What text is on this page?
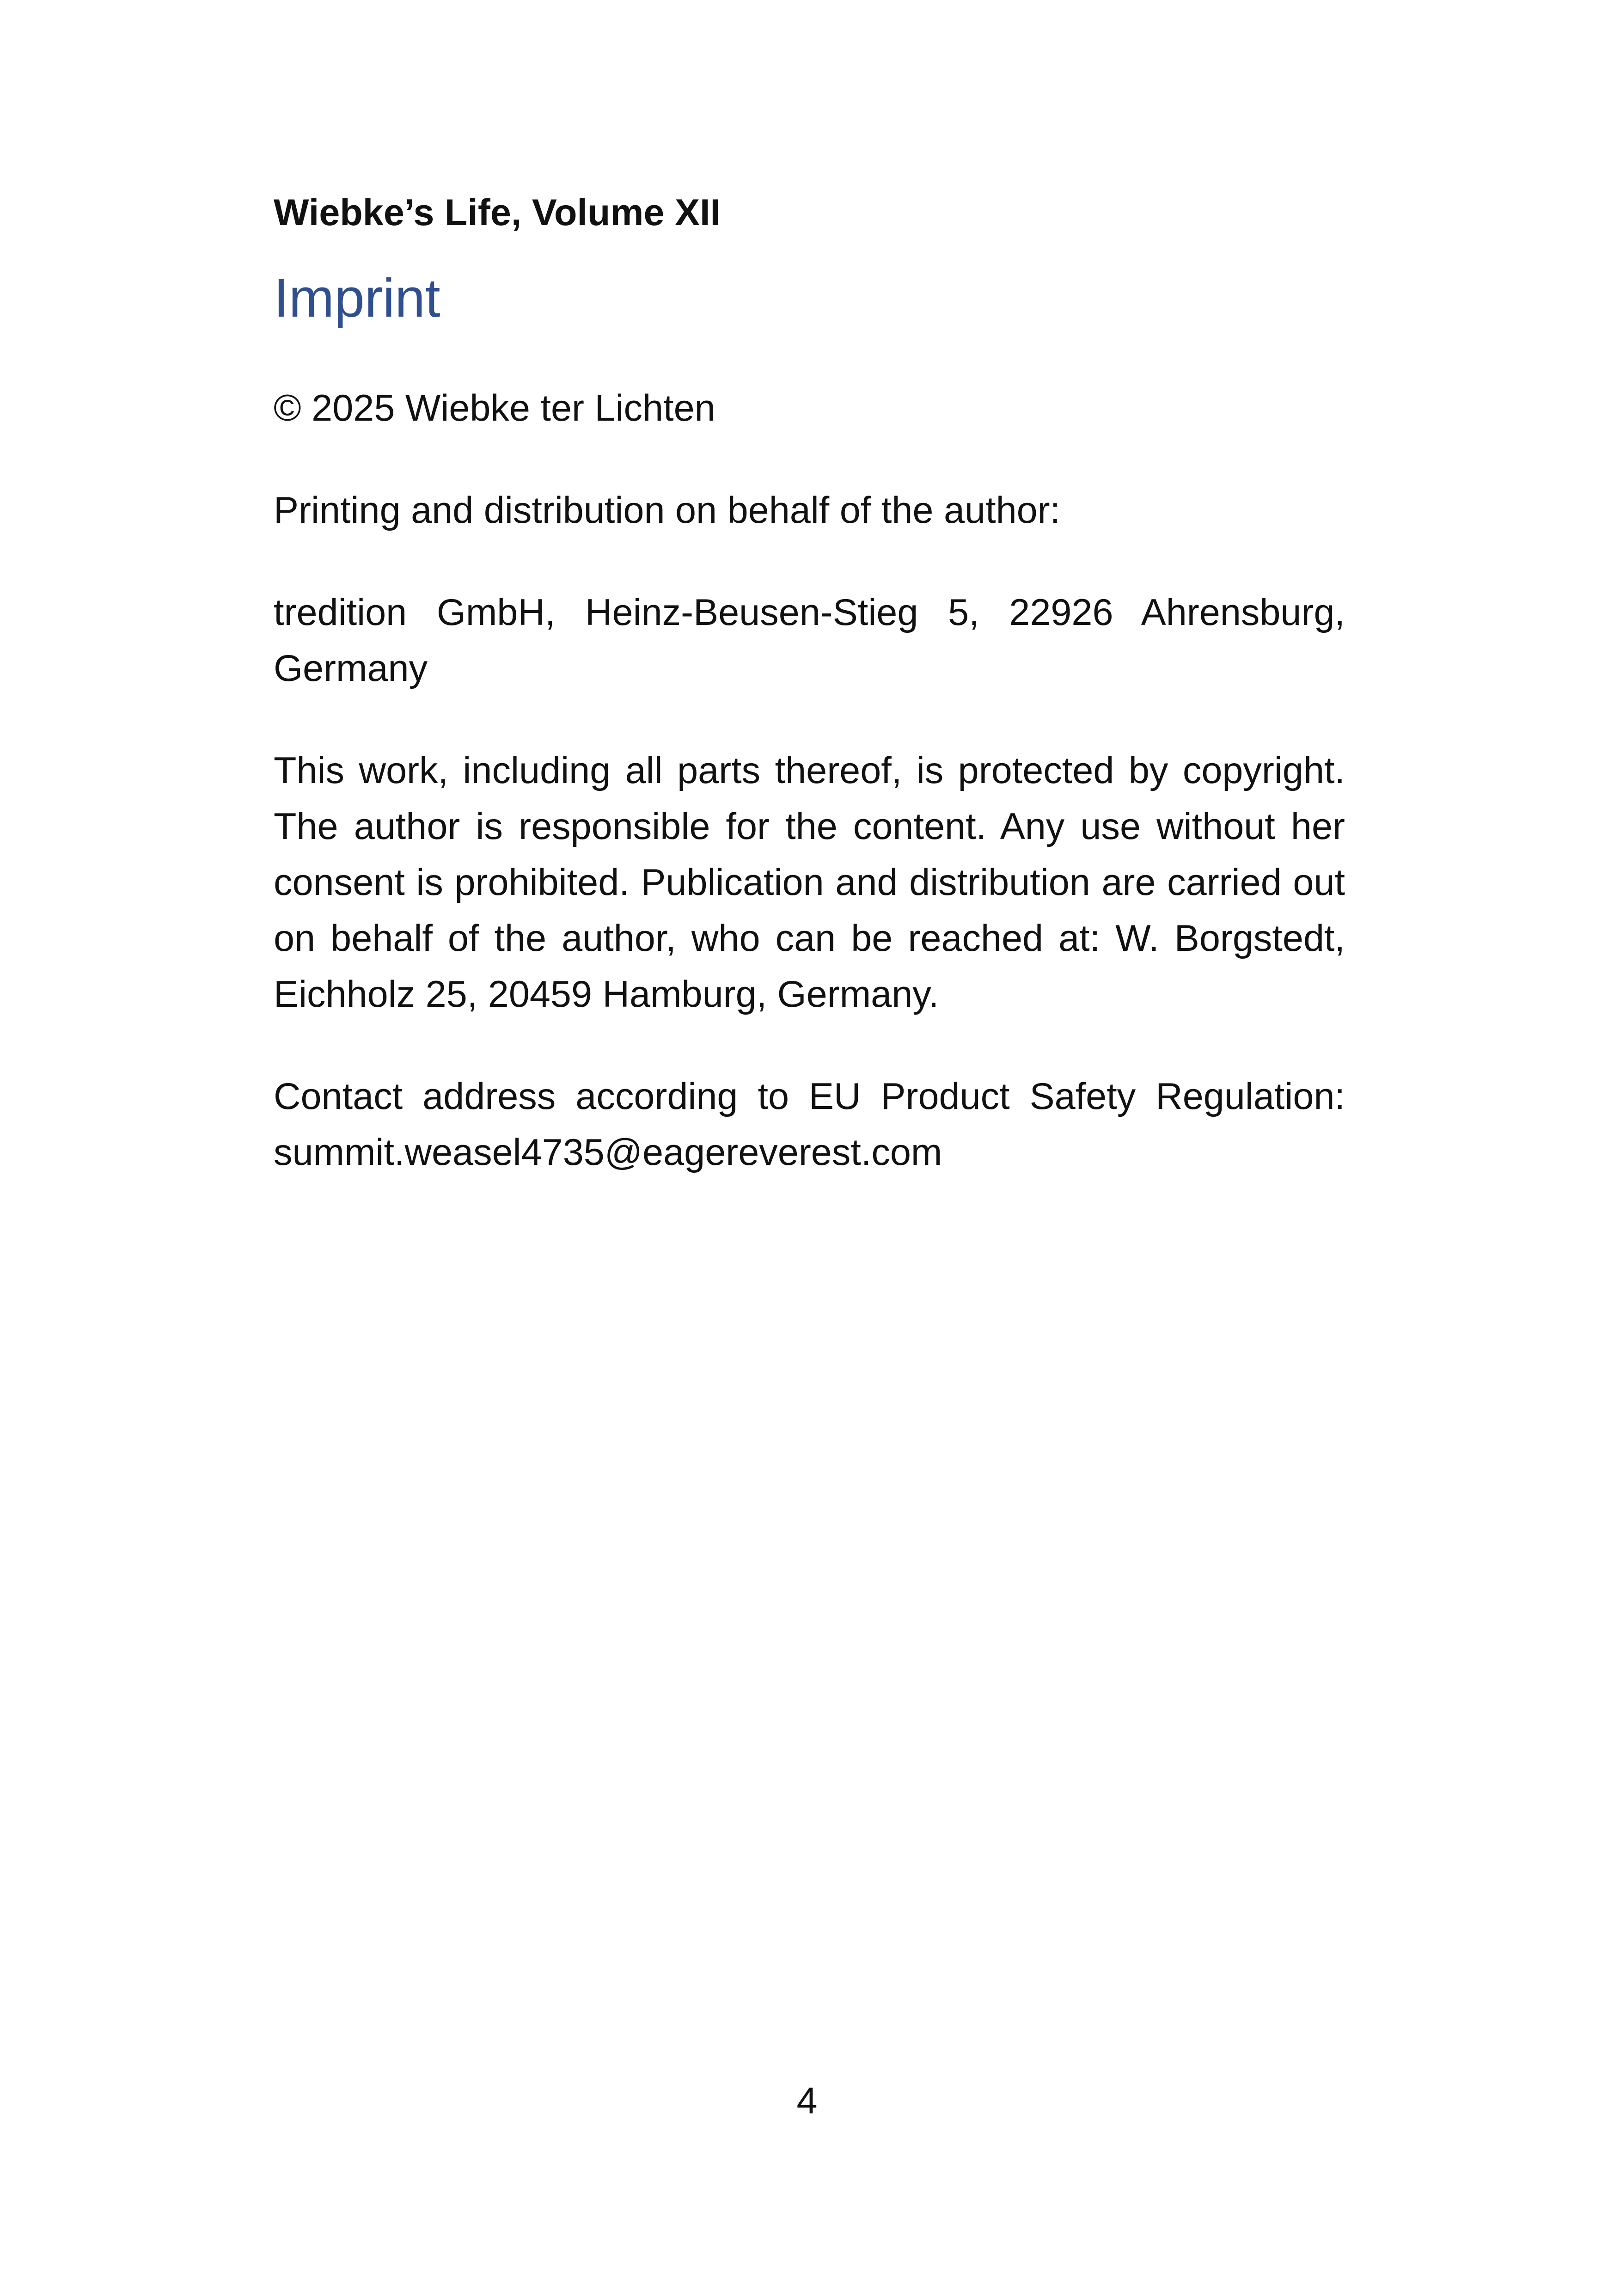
Wiebke’s Life, Volume XII

Imprint

© 2025 Wiebke ter Lichten

Printing and distribution on behalf of the author:

tredition GmbH, Heinz-Beusen-Stieg 5, 22926 Ahrensburg, Germany

This work, including all parts thereof, is protected by copyright. The author is responsible for the content. Any use without her consent is prohibited. Publication and distribution are carried out on behalf of the author, who can be reached at: W. Borgstedt, Eichholz 25, 20459 Hamburg, Germany.

Contact address according to EU Product Safety Regulation: summit.weasel4735@eagereverest.com

4
